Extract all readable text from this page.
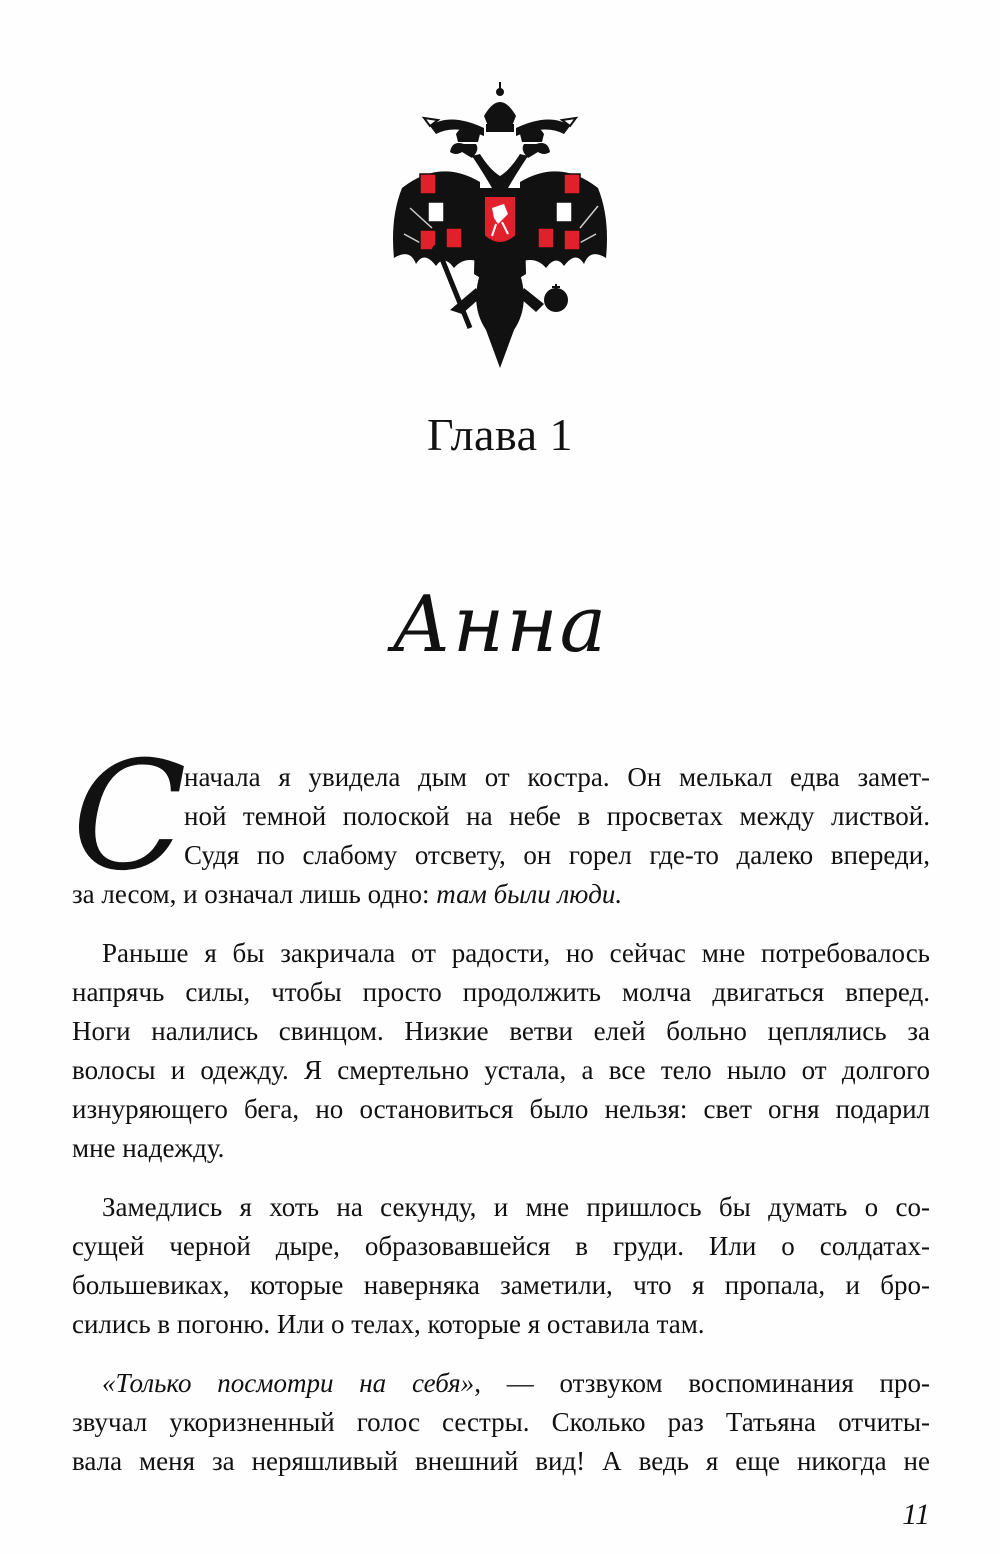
Глава 1
Анна
С
начала я увидела дым от костра. Он мелькал едва замет-
ной темной полоской на небе в просветах между листвой.
Судя по слабому отсвету, он горел где-то далеко впереди,
за лесом, и означал лишь одно: там были люди.
Раньше я бы закричала от радости, но сейчас мне потребовалось
напрячь силы, чтобы просто продолжить молча двигаться вперед.
Ноги налились свинцом. Низкие ветви елей больно цеплялись за
волосы и одежду. Я смертельно устала, а все тело ныло от долгого
изнуряющего бега, но остановиться было нельзя: свет огня подарил
мне надежду.
Замедлись я хоть на секунду, и мне пришлось бы думать о со-
сущей черной дыре, образовавшейся в груди. Или о солдатах-
большевиках, которые наверняка заметили, что я пропала, и бро-
сились в погоню. Или о телах, которые я оставила там.
«Только посмотри на себя», — отзвуком воспоминания про-
звучал укоризненный голос сестры. Сколько раз Татьяна отчиты-
вала меня за неряшливый внешний вид! А ведь я еще никогда не
11
